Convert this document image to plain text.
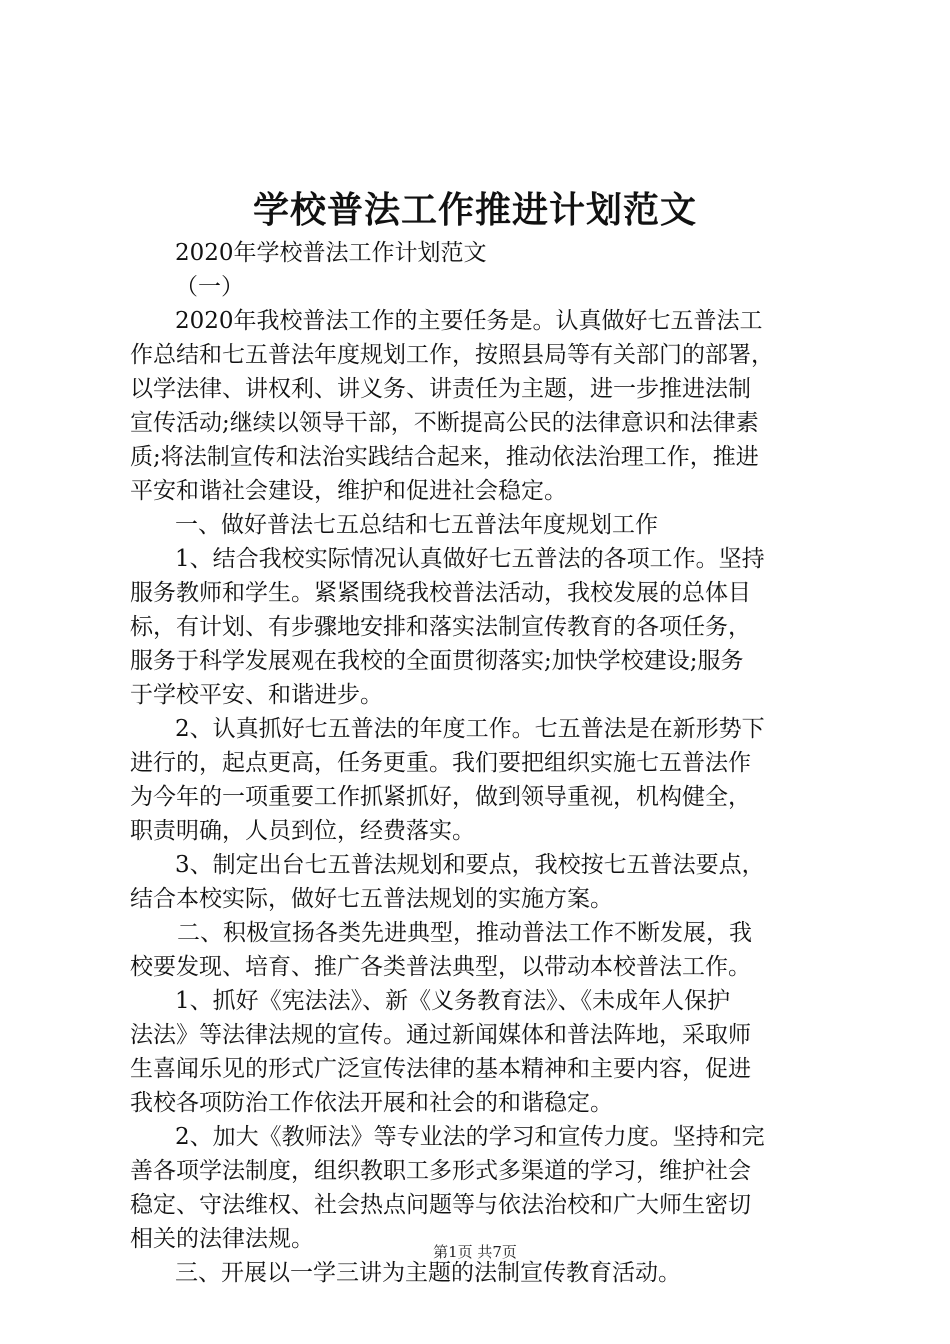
学校普法工作推进计划范文
2020年学校普法工作计划范文
（一）
2020年我校普法工作的主要任务是。认真做好七五普法工
作总结和七五普法年度规划工作，按照县局等有关部门的部署，
以学法律、讲权利、讲义务、讲责任为主题，进一步推进法制
宣传活动;继续以领导干部，不断提高公民的法律意识和法律素
质;将法制宣传和法治实践结合起来，推动依法治理工作，推进
平安和谐社会建设，维护和促进社会稳定。
一、做好普法七五总结和七五普法年度规划工作
1、结合我校实际情况认真做好七五普法的各项工作。坚持
服务教师和学生。紧紧围绕我校普法活动，我校发展的总体目
标，有计划、有步骤地安排和落实法制宣传教育的各项任务，
服务于科学发展观在我校的全面贯彻落实;加快学校建设;服务
于学校平安、和谐进步。
2、认真抓好七五普法的年度工作。七五普法是在新形势下
进行的，起点更高，任务更重。我们要把组织实施七五普法作
为今年的一项重要工作抓紧抓好，做到领导重视，机构健全，
职责明确，人员到位，经费落实。
3、制定出台七五普法规划和要点，我校按七五普法要点，
结合本校实际，做好七五普法规划的实施方案。
二、积极宣扬各类先进典型，推动普法工作不断发展，我
校要发现、培育、推广各类普法典型，以带动本校普法工作。
1、抓好《宪法法》、新《义务教育法》、《未成年人保护
法法》等法律法规的宣传。通过新闻媒体和普法阵地，采取师
生喜闻乐见的形式广泛宣传法律的基本精神和主要内容，促进
我校各项防治工作依法开展和社会的和谐稳定。
2、加大《教师法》等专业法的学习和宣传力度。坚持和完
善各项学法制度，组织教职工多形式多渠道的学习，维护社会
稳定、守法维权、社会热点问题等与依法治校和广大师生密切
相关的法律法规。
三、开展以一学三讲为主题的法制宣传教育活动。
第1页 共7页
